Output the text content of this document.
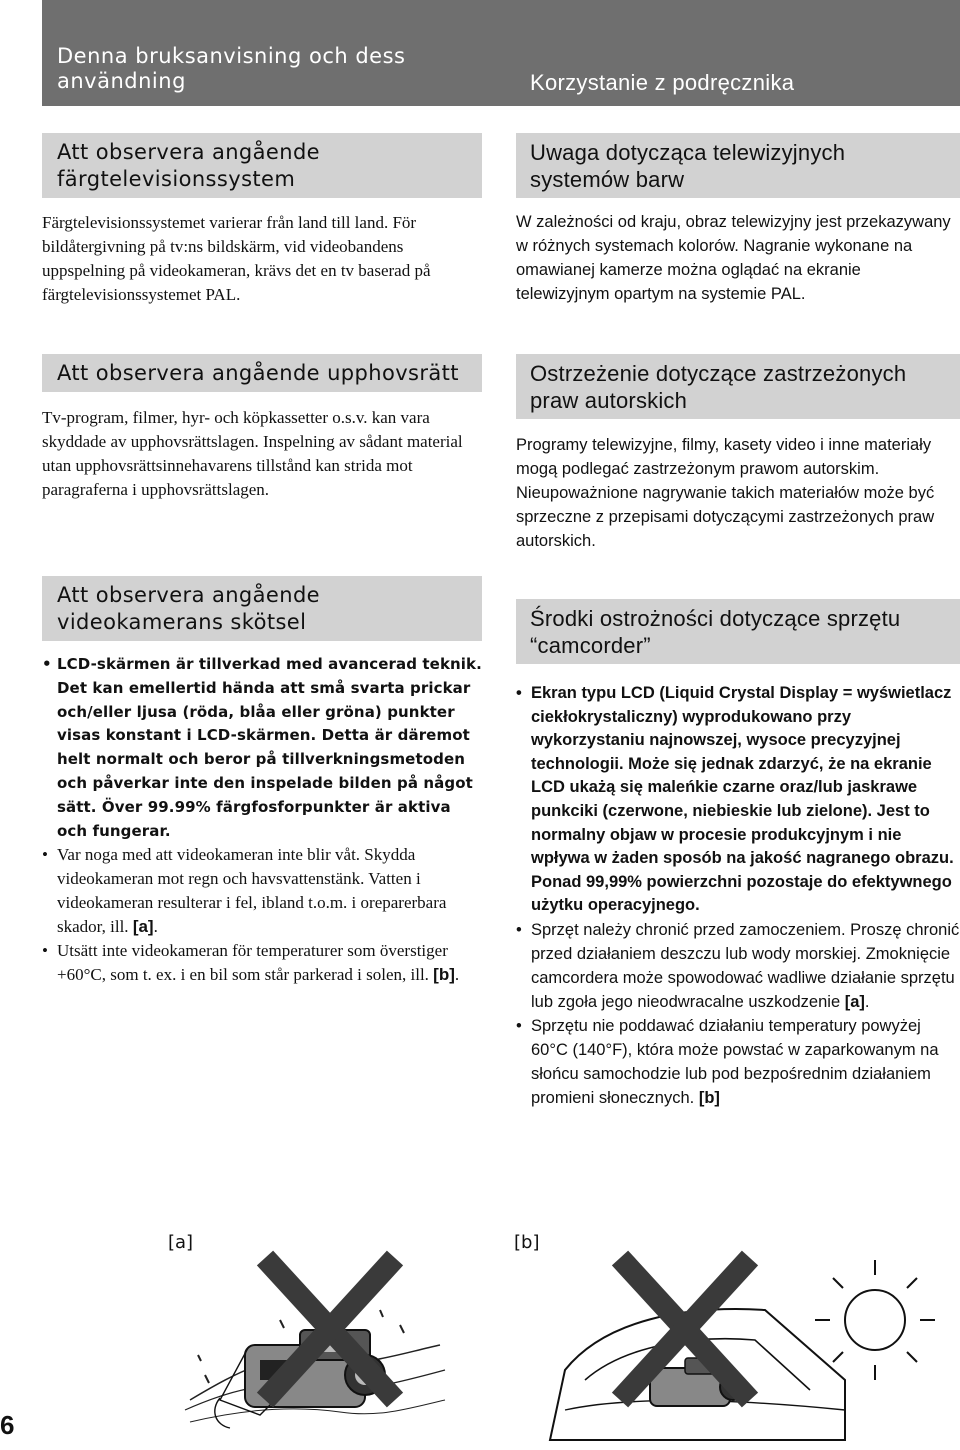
Denna bruksanvisning och dess användning	Korzystanie z podręcznika
Att observera angående färgtelevisionssystem

Färgtelevisionssystemet varierar från land till land. För bildåtergivning på tv:ns bildskärm, vid videobandens uppspelning på videokameran, krävs det en tv baserad på färgtelevisionssystemet PAL.

Att observera angående upphovsrätt

Tv-program, filmer, hyr- och köpkassetter o.s.v. kan vara skyddade av upphovsrättslagen. Inspelning av sådant material utan upphovsrättsinnehavarens tillstånd kan strida mot paragraferna i upphovsrättslagen.

Att observera angående videokamerans skötsel
• LCD-skärmen är tillverkad med avancerad teknik. Det kan emellertid hända att små svarta prickar och/eller ljusa (röda, blåa eller gröna) punkter visas konstant i LCD-skärmen. Detta är däremot helt normalt och beror på tillverkningsmetoden och påverkar inte den inspelade bilden på något sätt. Över 99.99% färgfosforpunkter är aktiva och fungerar.
• Var noga med att videokameran inte blir våt. Skydda videokameran mot regn och havsvattenstänk. Vatten i videokameran resulterar i fel, ibland t.o.m. i oreparerbara skador, ill. [a].
• Utsätt inte videokameran för temperaturer som överstiger +60°C, som t. ex. i en bil som står parkerad i solen, ill. [b].
Uwaga dotycząca telewizyjnych systemów barw

W zależności od kraju, obraz telewizyjny jest przekazywany w różnych systemach kolorów. Nagranie wykonane na omawianej kamerze można oglądać na ekranie telewizyjnym opartym na systemie PAL.

Ostrzeżenie dotyczące zastrzeżonych praw autorskich

Programy telewizyjne, filmy, kasety video i inne materiały mogą podlegać zastrzeżonym prawom autorskim.

Nieupoważnione nagrywanie takich materiałów może być sprzeczne z przepisami dotyczącymi zastrzeżonych praw autorskich.

Środki ostrożności dotyczące sprzętu “camcorder”
• Ekran typu LCD (Liquid Crystal Display = wyświetlacz ciekłokrystaliczny) wyprodukowano przy wykorzystaniu najnowszej, wysoce precyzyjnej technologii. Może się jednak zdarzyć, że na ekranie LCD ukażą się maleńkie czarne oraz/lub jaskrawe punkciki (czerwone, niebieskie lub zielone). Jest to normalny objaw w procesie produkcyjnym i nie wpływa w żaden sposób na jakość nagranego obrazu. Ponad 99,99% powierzchni pozostaje do efektywnego użytku operacyjnego.
• Sprzęt należy chronić przed zamoczeniem. Proszę chronić przed działaniem deszczu lub wody morskiej. Zmoknięcie camcordera może spowodować wadliwe działanie sprzętu lub zgoła jego nieodwracalne uszkodzenie [a].
• Sprzętu nie poddawać działaniu temperatury powyżej 60°C (140°F), która może powstać w zaparkowanym na słońcu samochodzie lub pod bezpośrednim działaniem promieni słonecznych. [b]
[a]	[b]
6
